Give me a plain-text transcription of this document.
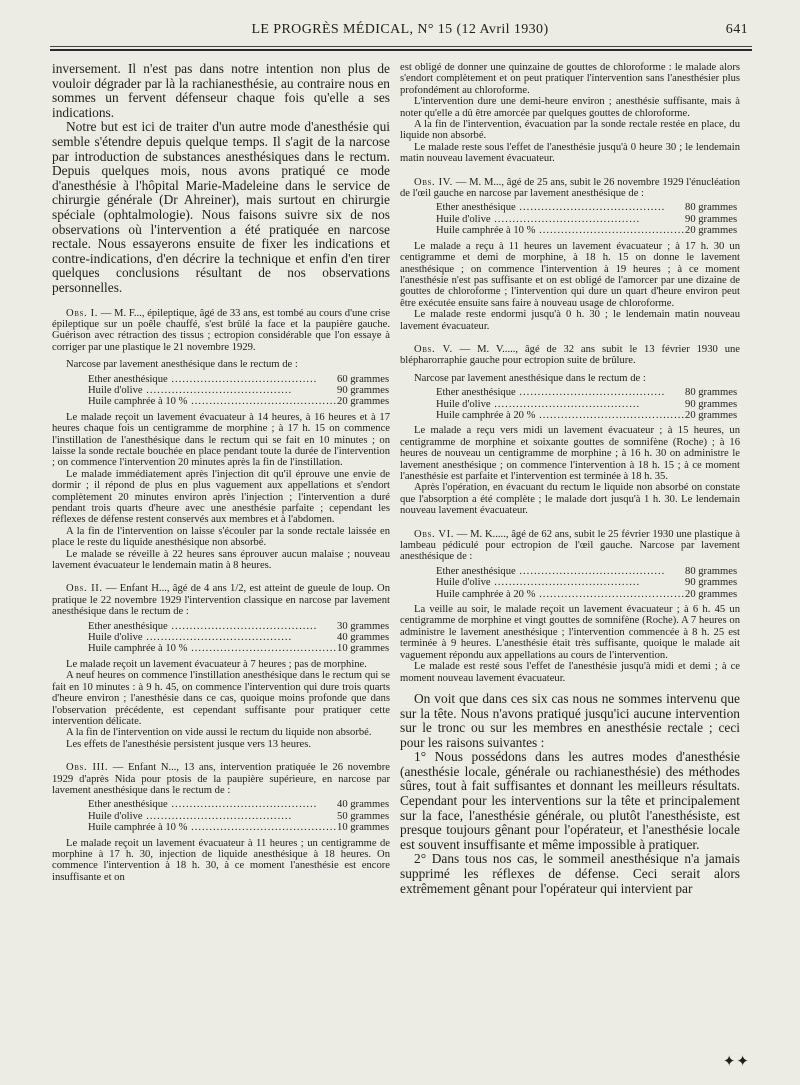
LE PROGRÈS MÉDICAL, N° 15 (12 Avril 1930)	641

inversement. Il n'est pas dans notre intention non plus de vouloir dégrader par là la rachianesthésie, au contraire nous en sommes un fervent défenseur chaque fois qu'elle a ses indications.

Notre but est ici de traiter d'un autre mode d'anesthésie qui semble s'étendre depuis quelque temps. Il s'agit de la narcose par introduction de substances anesthésiques dans le rectum. Depuis quelques mois, nous avons pratiqué ce mode d'anesthésie à l'hôpital Marie-Madeleine dans le service de chirurgie générale (Dr Ahreiner), mais surtout en chirurgie spéciale (ophtalmologie). Nous faisons suivre six de nos observations où l'intervention a été pratiquée en narcose rectale. Nous essayerons ensuite de fixer les indications et contre-indications, d'en décrire la technique et enfin d'en tirer quelques conclusions résultant de nos observations personnelles.

Obs. I. — M. F..., épileptique, âgé de 33 ans, est tombé au cours d'une crise épileptique sur un poêle chauffé, s'est brûlé la face et la paupière gauche. Guérison avec rétraction des tissus ; ectropion considérable que l'on essaye à corriger par une plastique le 21 novembre 1929.

Narcose par lavement anesthésique dans le rectum de :

Ether anesthésique .....	60 grammes
Huile d'olive .....	90 grammes
Huile camphrée à 10 % .....	20 grammes

Le malade reçoit un lavement évacuateur à 14 heures, à 16 heures et à 17 heures chaque fois un centigramme de morphine ; à 17 h. 15 on commence l'instillation de l'anesthésique dans le rectum qui se fait en 10 minutes ; on laisse la sonde rectale bouchée en place pendant toute la durée de l'intervention ; on commence l'intervention 20 minutes après la fin de l'instillation.

Le malade immédiatement après l'injection dit qu'il éprouve une envie de dormir ; il répond de plus en plus vaguement aux appellations et s'endort complètement 20 minutes environ après l'injection ; l'intervention a duré pendant trois quarts d'heure avec une anesthésie parfaite ; cependant les réflexes de défense restent conservés aux membres et à l'abdomen.

A la fin de l'intervention on laisse s'écouler par la sonde rectale laissée en place le reste du liquide anesthésique non absorbé.

Le malade se réveille à 22 heures sans éprouver aucun malaise ; nouveau lavement évacuateur le lendemain matin à 8 heures.

Obs. II. — Enfant H..., âgé de 4 ans 1/2, est atteint de gueule de loup. On pratique le 22 novembre 1929 l'intervention classique en narcose par lavement anesthésique dans le rectum de :

Ether anesthésique .....	30 grammes
Huile d'olive .....	40 grammes
Huile camphrée à 10 % .....	10 grammes

Le malade reçoit un lavement évacuateur à 7 heures ; pas de morphine.

A neuf heures on commence l'instillation anesthésique dans le rectum qui se fait en 10 minutes : à 9 h. 45, on commence l'intervention qui dure trois quarts d'heure environ ; l'anesthésie dans ce cas, quoique moins profonde que dans l'observation précédente, est cependant suffisante pour pratiquer cette intervention délicate.

A la fin de l'intervention on vide aussi le rectum du liquide non absorbé.

Les effets de l'anesthésie persistent jusque vers 13 heures.

Obs. III. — Enfant N..., 13 ans, intervention pratiquée le 26 novembre 1929 d'après Nida pour ptosis de la paupière supérieure, en narcose par lavement anesthésique dans le rectum de :

Ether anesthésique .....	40 grammes
Huile d'olive .....	50 grammes
Huile camphrée à 10 % .....	10 grammes

Le malade reçoit un lavement évacuateur à 11 heures ; un centigramme de morphine à 17 h. 30, injection de liquide anesthésique à 18 heures. On commence l'intervention à 18 h. 30, à ce moment l'anesthésie est encore insuffisante et on

est obligé de donner une quinzaine de gouttes de chloroforme : le malade alors s'endort complètement et on peut pratiquer l'intervention sans l'anesthésier plus profondément au chloroforme.

L'intervention dure une demi-heure environ ; anesthésie suffisante, mais à noter qu'elle a dû être amorcée par quelques gouttes de chloroforme.

A la fin de l'intervention, évacuation par la sonde rectale restée en place, du liquide non absorbé.

Le malade reste sous l'effet de l'anesthésie jusqu'à 0 heure 30 ; le lendemain matin nouveau lavement évacuateur.

Obs. IV. — M. M..., âgé de 25 ans, subit le 26 novembre 1929 l'énucléation de l'œil gauche en narcose par lavement anesthésique de :

Ether anesthésique .....	80 grammes
Huile d'olive .....	90 grammes
Huile camphrée à 10 % .....	20 grammes

Le malade a reçu à 11 heures un lavement évacuateur ; à 17 h. 30 un centigramme et demi de morphine, à 18 h. 15 on donne le lavement anesthésique ; on commence l'intervention à 19 heures ; à ce moment l'anesthésie n'est pas suffisante et on est obligé de l'amorcer par une dizaine de gouttes de chloroforme ; l'intervention qui dure un quart d'heure environ peut être exécutée ensuite sans faire à nouveau usage de chloroforme.

Le malade reste endormi jusqu'à 0 h. 30 ; le lendemain matin nouveau lavement évacuateur.

Obs. V. — M. V....., âgé de 32 ans subit le 13 février 1930 une blépharorraphie gauche pour ectropion suite de brûlure.

Narcose par lavement anesthésique dans le rectum de :

Ether anesthésique .....	80 grammes
Huile d'olive .....	90 grammes
Huile camphrée à 20 % .....	20 grammes

Le malade a reçu vers midi un lavement évacuateur ; à 15 heures, un centigramme de morphine et soixante gouttes de somnifène (Roche) ; à 16 heures de nouveau un centigramme de morphine ; à 16 h. 30 on administre le lavement anesthésique ; on commence l'intervention à 18 h. 15 ; à ce moment l'anesthésie est parfaite et l'intervention est terminée à 18 h. 35.

Après l'opération, en évacuant du rectum le liquide non absorbé on constate que l'absorption a été complète ; le malade dort jusqu'à 1 h. 30. Le lendemain nouveau lavement évacuateur.

Obs. VI. — M. K....., âgé de 62 ans, subit le 25 février 1930 une plastique à lambeau pédiculé pour ectropion de l'œil gauche. Narcose par lavement anesthésique de :

Ether anesthésique .....	80 grammes
Huile d'olive .....	90 grammes
Huile camphrée à 20 % .....	20 grammes

La veille au soir, le malade reçoit un lavement évacuateur ; à 6 h. 45 un centigramme de morphine et vingt gouttes de somnifène (Roche). A 7 heures on administre le lavement anesthésique ; l'intervention commencée à 8 h. 25 est terminée à 9 heures. L'anesthésie était très suffisante, quoique le malade ait vaguement répondu aux appellations au cours de l'intervention.

Le malade est resté sous l'effet de l'anesthésie jusqu'à midi et demi ; à ce moment nouveau lavement évacuateur.

On voit que dans ces six cas nous ne sommes intervenu que sur la tête. Nous n'avons pratiqué jusqu'ici aucune intervention sur le tronc ou sur les membres en anesthésie rectale ; ceci pour les raisons suivantes :

1° Nous possédons dans les autres modes d'anesthésie (anesthésie locale, générale ou rachianesthésie) des méthodes sûres, tout à fait suffisantes et donnant les meilleurs résultats. Cependant pour les interventions sur la tête et principalement sur la face, l'anesthésie générale, ou plutôt l'anesthésiste, est presque toujours gênant pour l'opérateur, et l'anesthésie locale est souvent insuffisante et même impossible à pratiquer.

2° Dans tous nos cas, le sommeil anesthésique n'a jamais supprimé les réflexes de défense. Ceci serait alors extrêmement gênant pour l'opérateur qui intervient par

✦✦
